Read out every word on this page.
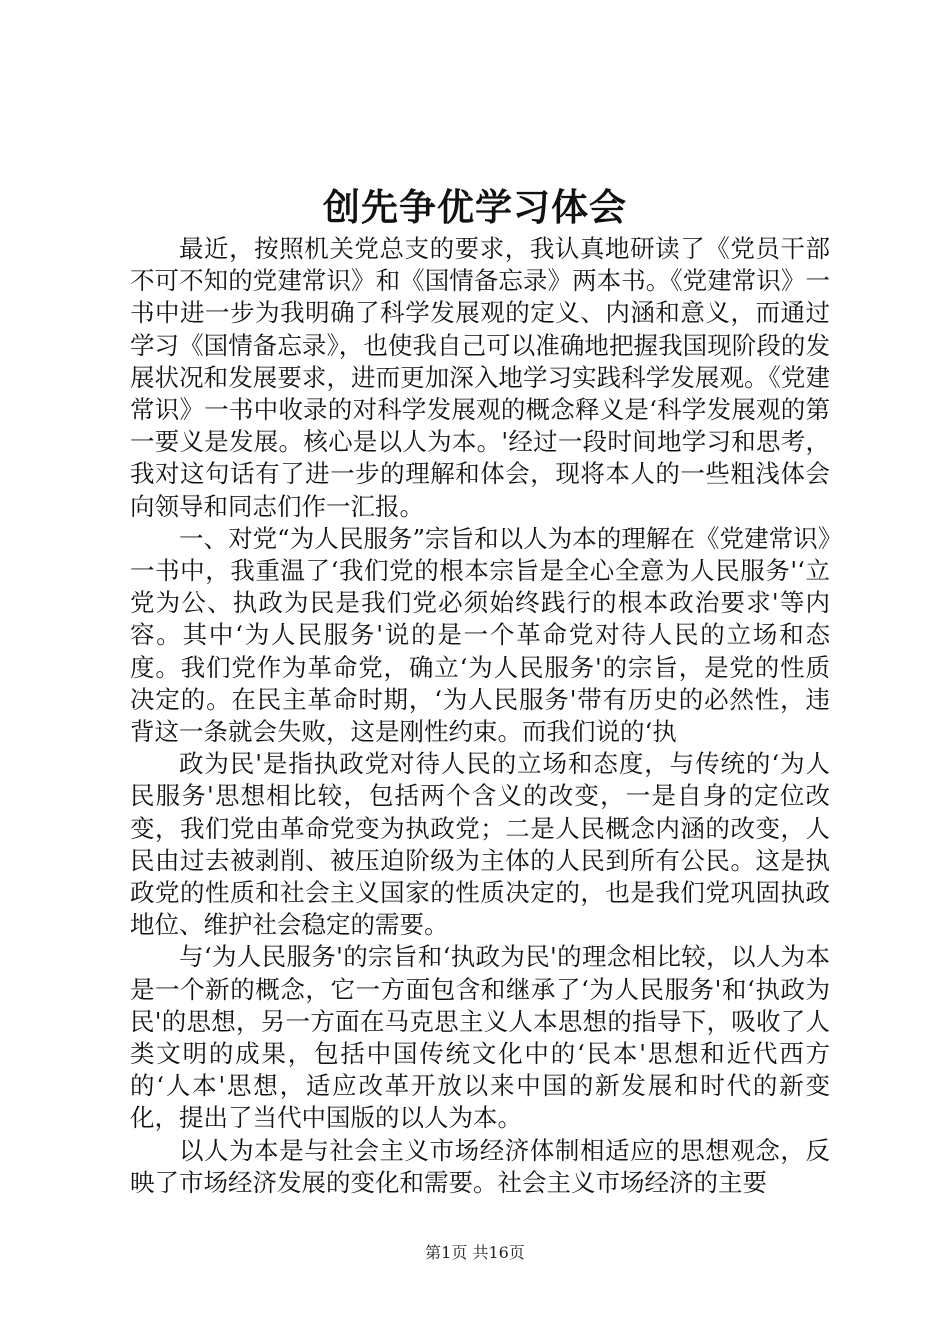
创先争优学习体会

最近，按照机关党总支的要求，我认真地研读了《党员干部不可不知的党建常识》和《国情备忘录》两本书。《党建常识》一书中进一步为我明确了科学发展观的定义、内涵和意义，而通过学习《国情备忘录》，也使我自己可以准确地把握我国现阶段的发展状况和发展要求，进而更加深入地学习实践科学发展观。《党建常识》一书中收录的对科学发展观的概念释义是‘科学发展观的第一要义是发展。核心是以人为本。'经过一段时间地学习和思考，我对这句话有了进一步的理解和体会，现将本人的一些粗浅体会向领导和同志们作一汇报。

一、对党“为人民服务”宗旨和以人为本的理解在《党建常识》一书中，我重温了‘我们党的根本宗旨是全心全意为人民服务'‘立党为公、执政为民是我们党必须始终践行的根本政治要求'等内容。其中‘为人民服务'说的是一个革命党对待人民的立场和态度。我们党作为革命党，确立‘为人民服务'的宗旨，是党的性质决定的。在民主革命时期，‘为人民服务'带有历史的必然性，违背这一条就会失败，这是刚性约束。而我们说的‘执

政为民'是指执政党对待人民的立场和态度，与传统的‘为人民服务'思想相比较，包括两个含义的改变，一是自身的定位改变，我们党由革命党变为执政党；二是人民概念内涵的改变，人民由过去被剥削、被压迫阶级为主体的人民到所有公民。这是执政党的性质和社会主义国家的性质决定的，也是我们党巩固执政地位、维护社会稳定的需要。

与‘为人民服务'的宗旨和‘执政为民'的理念相比较，以人为本是一个新的概念，它一方面包含和继承了‘为人民服务'和‘执政为民'的思想，另一方面在马克思主义人本思想的指导下，吸收了人类文明的成果，包括中国传统文化中的‘民本'思想和近代西方的‘人本'思想，适应改革开放以来中国的新发展和时代的新变化，提出了当代中国版的以人为本。

以人为本是与社会主义市场经济体制相适应的思想观念，反映了市场经济发展的变化和需要。社会主义市场经济的主要

第1页 共16页
